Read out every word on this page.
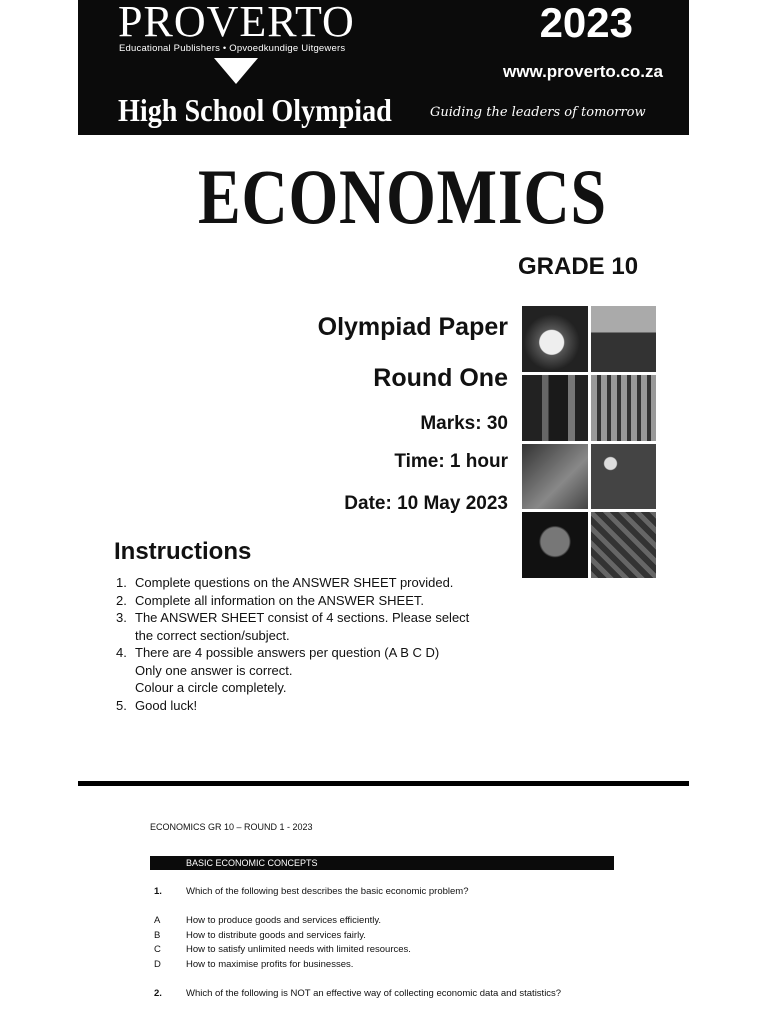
PROVERTO
Educational Publishers • Opvoedkundige Uitgewers
2023
www.proverto.co.za
High School Olympiad	Guiding the leaders of tomorrow
ECONOMICS
GRADE 10
Olympiad Paper
Round One
Marks: 30
Time: 1 hour
Date: 10 May 2023
Instructions
1. Complete questions on the ANSWER SHEET provided.
2. Complete all information on the ANSWER SHEET.
3. The ANSWER SHEET consist of 4 sections. Please select
the correct section/subject.
4. There are 4 possible answers per question (A B C D)
Only one answer is correct.
Colour a circle completely.
5. Good luck!
ECONOMICS GR 10 – ROUND 1 - 2023
BASIC ECONOMIC CONCEPTS
1.	Which of the following best describes the basic economic problem?
A	How to produce goods and services efficiently.
B	How to distribute goods and services fairly.
C	How to satisfy unlimited needs with limited resources.
D	How to maximise profits for businesses.
2.	Which of the following is NOT an effective way of collecting economic data and statistics?
